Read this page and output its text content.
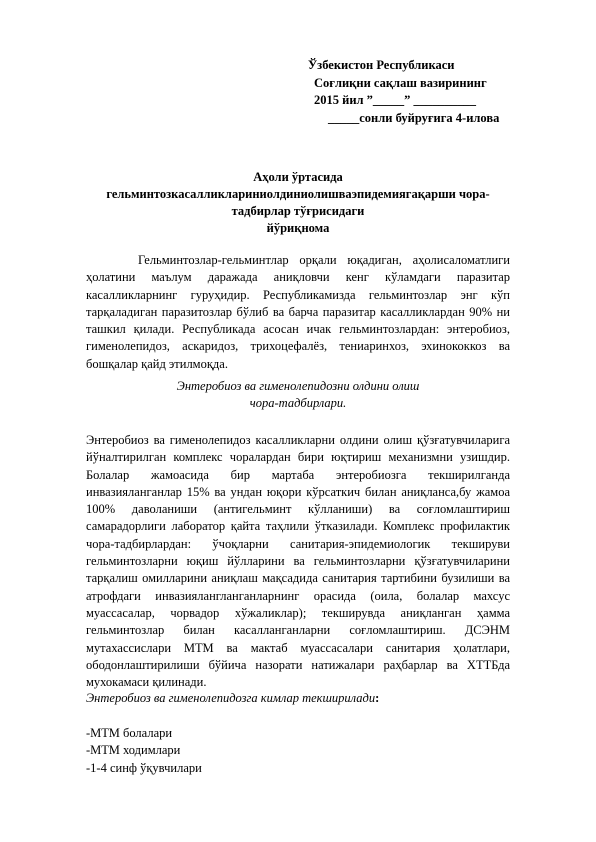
Ўзбекистон Республикаси
Соғлиқни сақлаш вазирининг
2015 йил ”_____” __________
_____сонли буйруғига 4-илова
Аҳоли ўртасида
гельминтозкасалликлариниолдиниолишваэпидемиягақарши чора-
тадбирлар тўғрисидаги
йўриқнома
Гельминтозлар-гельминтлар орқали юқадиган, аҳолисаломатлиги ҳолатини маълум даражада аниқловчи кенг кўламдаги паразитар касалликларнинг гуруҳидир. Республикамизда гельминтозлар энг кўп тарқаладиган паразитозлар бўлиб ва барча паразитар касалликлардан 90% ни ташкил қилади. Республикада асосан ичак гельминтозлардан: энтеробиоз, гименолепидоз, аскаридоз, трихоцефалёз, тениаринхоз, эхинококкоз ва бошқалар қайд этилмоқда.
Энтеробиоз ва гименолепидозни олдини олиш
чора-тадбирлари.
Энтеробиоз ва гименолепидоз касалликларни олдини олиш қўзғатувчиларига йўналтирилган комплекс чоралардан бири юқтириш механизмни узишдир. Болалар жамоасида бир мартаба энтеробиозга текширилганда инвазияланганлар 15% ва ундан юқори кўрсаткич билан аниқланса,бу жамоа 100% даволаниши (антигельминт кўлланиши) ва соғломлаштириш самарадорлиги лаборатор қайта таҳлили ўтказилади. Комплекс профилактик чора-тадбирлардан: ўчоқларни санитария-эпидемиологик текшируви гельминтозларни юқиш йўлларини ва гельминтозларни қўзғатувчиларини тарқалиш омилларини аниқлаш мақсадида санитария тартибини бузилиши ва атрофдаги инвазиялангланганларнинг орасида (оила, болалар махсус муассасалар, чорвадор хўжаликлар); текширувда аниқланган ҳамма гельминтозлар билан касалланганларни соғломлаштириш. ДСЭНМ мутахассислари МТМ ва мактаб муассасалари санитария ҳолатлари, ободонлаштирилиши бўйича назорати натижалари раҳбарлар ва ХТТБда мухокамаси қилинади.
Энтеробиоз ва гименолепидозга кимлар текширилади:
-МТМ болалари
-МТМ ходимлари
-1-4 синф ўқувчилари
